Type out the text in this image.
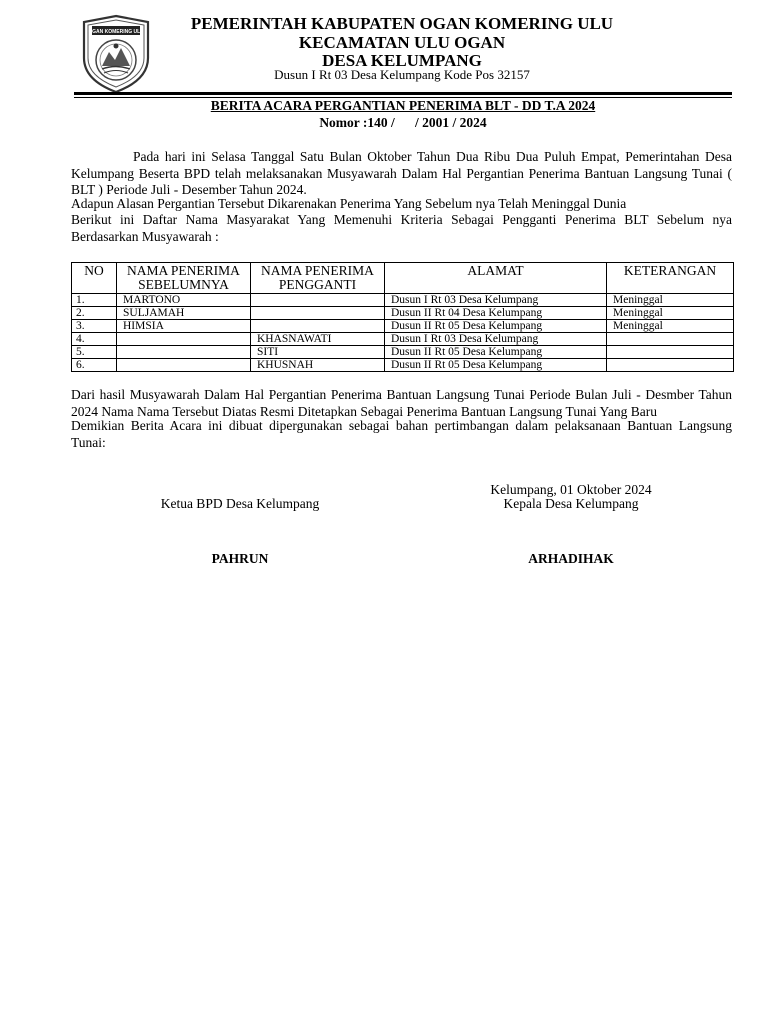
OGAN KOMERING ULU	PEMERINTAH KABUPATEN OGAN KOMERING ULU
KECAMATAN ULU OGAN
DESA KELUMPANG
Dusun I Rt 03 Desa Kelumpang Kode Pos 32157
BERITA ACARA PERGANTIAN PENERIMA BLT - DD T.A 2024
Nomor :140 /      / 2001 / 2024
Pada hari ini Selasa Tanggal Satu Bulan Oktober Tahun Dua Ribu Dua Puluh Empat, Pemerintahan Desa Kelumpang Beserta BPD telah melaksanakan Musyawarah Dalam Hal Pergantian Penerima Bantuan Langsung Tunai ( BLT ) Periode Juli - Desember Tahun 2024.
Adapun Alasan Pergantian Tersebut Dikarenakan Penerima Yang Sebelum nya Telah Meninggal Dunia
Berikut ini Daftar Nama Masyarakat Yang Memenuhi Kriteria Sebagai Pengganti Penerima BLT Sebelum nya Berdasarkan Musyawarah :
NO	NAMA PENERIMA SEBELUMNYA	NAMA PENERIMA PENGGANTI	ALAMAT	KETERANGAN
1.	MARTONO		Dusun I Rt 03 Desa Kelumpang	Meninggal
2.	SULJAMAH		Dusun II Rt 04 Desa Kelumpang	Meninggal
3.	HIMSIA		Dusun II Rt 05 Desa Kelumpang	Meninggal
4.		KHASNAWATI	Dusun I Rt 03 Desa Kelumpang	
5.		SITI	Dusun II Rt 05 Desa Kelumpang	
6.		KHUSNAH	Dusun II Rt 05 Desa Kelumpang	
Dari hasil Musyawarah Dalam Hal Pergantian Penerima Bantuan Langsung Tunai Periode Bulan Juli - Desmber Tahun 2024 Nama Nama Tersebut Diatas Resmi Ditetapkan Sebagai Penerima Bantuan Langsung Tunai Yang Baru
Demikian Berita Acara ini dibuat dipergunakan sebagai bahan pertimbangan dalam pelaksanaan Bantuan Langsung Tunai:
Kelumpang, 01 Oktober 2024
Kepala Desa Kelumpang
Ketua BPD Desa Kelumpang
PAHRUN	ARHADIHAK
